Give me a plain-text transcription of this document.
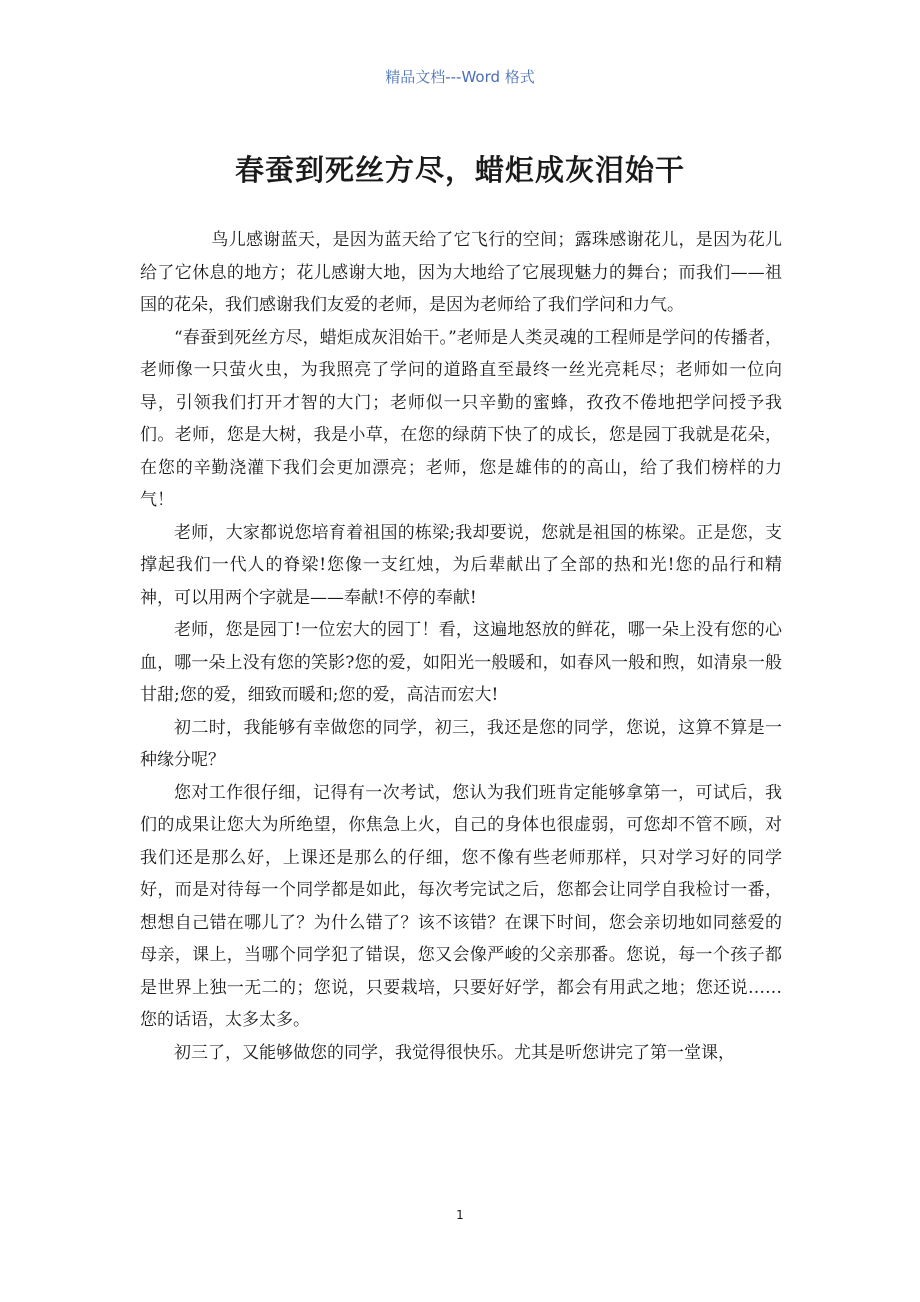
精品文档---Word 格式
春蚕到死丝方尽，蜡炬成灰泪始干

鸟儿感谢蓝天，是因为蓝天给了它飞行的空间；露珠感谢花儿，是因为花儿给了它休息的地方；花儿感谢大地，因为大地给了它展现魅力的舞台；而我们——祖国的花朵，我们感谢我们友爱的老师，是因为老师给了我们学问和力气。

“春蚕到死丝方尽，蜡炬成灰泪始干。”老师是人类灵魂的工程师是学问的传播者，老师像一只萤火虫，为我照亮了学问的道路直至最终一丝光亮耗尽；老师如一位向导，引领我们打开才智的大门；老师似一只辛勤的蜜蜂，孜孜不倦地把学问授予我们。老师，您是大树，我是小草，在您的绿荫下快了的成长，您是园丁我就是花朵，在您的辛勤浇灌下我们会更加漂亮；老师，您是雄伟的的高山，给了我们榜样的力气！

老师，大家都说您培育着祖国的栋梁;我却要说，您就是祖国的栋梁。正是您，支撑起我们一代人的脊梁!您像一支红烛，为后辈献出了全部的热和光!您的品行和精神，可以用两个字就是——奉献!不停的奉献!

老师，您是园丁!一位宏大的园丁！看，这遍地怒放的鲜花，哪一朵上没有您的心血，哪一朵上没有您的笑影?您的爱，如阳光一般暖和，如春风一般和煦，如清泉一般甘甜;您的爱，细致而暖和;您的爱，高洁而宏大!

初二时，我能够有幸做您的同学，初三，我还是您的同学，您说，这算不算是一种缘分呢？

您对工作很仔细，记得有一次考试，您认为我们班肯定能够拿第一，可试后，我们的成果让您大为所绝望，你焦急上火，自己的身体也很虚弱，可您却不管不顾，对我们还是那么好，上课还是那么的仔细，您不像有些老师那样，只对学习好的同学好，而是对待每一个同学都是如此，每次考完试之后，您都会让同学自我检讨一番，想想自己错在哪儿了？为什么错了？该不该错？在课下时间，您会亲切地如同慈爱的母亲，课上，当哪个同学犯了错误，您又会像严峻的父亲那番。您说，每一个孩子都是世界上独一无二的；您说，只要栽培，只要好好学，都会有用武之地；您还说……您的话语，太多太多。

初三了，又能够做您的同学，我觉得很快乐。尤其是听您讲完了第一堂课，

1
